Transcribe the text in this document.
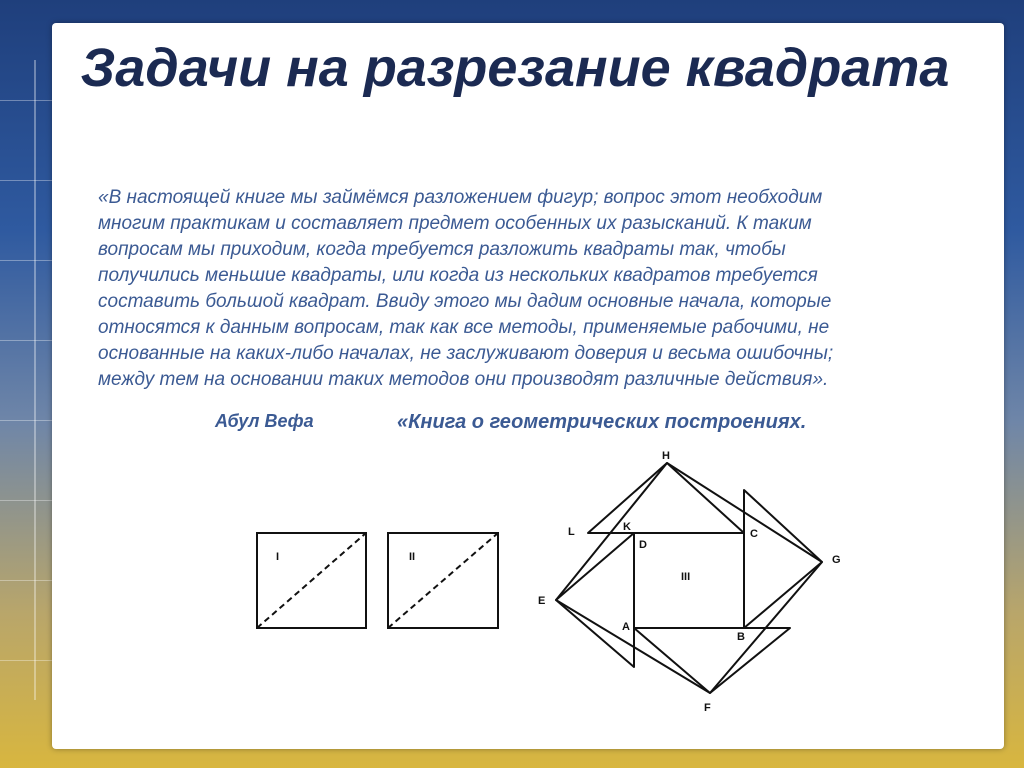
Задачи на разрезание квадрата

«В настоящей книге мы займёмся разложением фигур; вопрос этот необходим
многим практикам и составляет предмет особенных их разысканий. К таким
вопросам мы приходим, когда требуется разложить квадраты так, чтобы
получились меньшие квадраты, или когда из нескольких квадратов требуется
составить большой квадрат. Ввиду этого мы дадим основные начала, которые
относятся к данным вопросам, так как все методы, применяемые рабочими, не
основанные на каких-либо началах, не заслуживают доверия и весьма ошибочны;
между тем на основании таких методов они производят различные действия».

Абул Вефа	«Книга о геометрических построениях.
I	II
III
H
L	K
D
C
G
E
A
B
F
